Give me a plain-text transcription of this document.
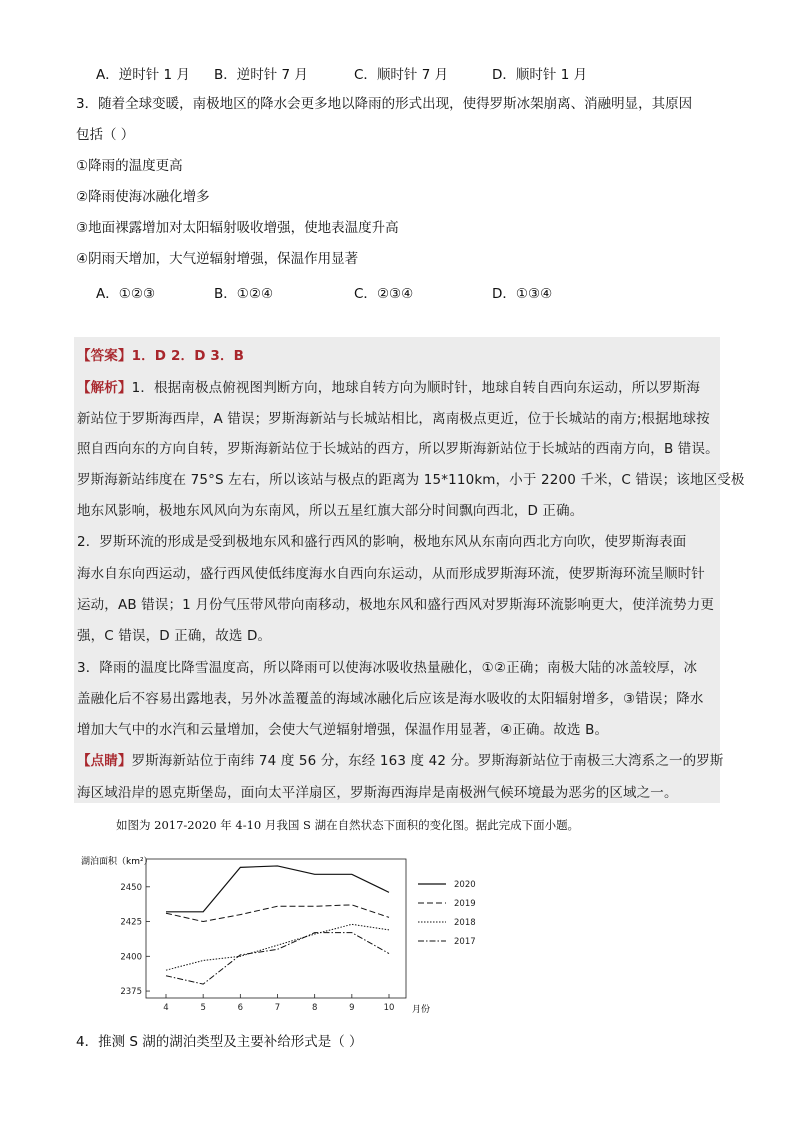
A．逆时针 1 月 B．逆时针 7 月	C．顺时针 7 月	D．顺时针 1 月
3．随着全球变暖，南极地区的降水会更多地以降雨的形式出现，使得罗斯冰架崩离、消融明显，其原因
包括（ ）
①降雨的温度更高
②降雨使海冰融化增多
③地面裸露增加对太阳辐射吸收增强，使地表温度升高
④阴雨天增加，大气逆辐射增强，保温作用显著
A．①②③	B．①②④	C．②③④	D．①③④
【答案】1．D 2．D 3．B
【解析】1．根据南极点俯视图判断方向，地球自转方向为顺时针，地球自转自西向东运动，所以罗斯海
新站位于罗斯海西岸，A 错误；罗斯海新站与长城站相比，离南极点更近，位于长城站的南方;根据地球按
照自西向东的方向自转，罗斯海新站位于长城站的西方，所以罗斯海新站位于长城站的西南方向，B 错误。
罗斯海新站纬度在 75°S 左右，所以该站与极点的距离为 15*110km，小于 2200 千米，C 错误；该地区受极
地东风影响，极地东风风向为东南风，所以五星红旗大部分时间飘向西北，D 正确。
2．罗斯环流的形成是受到极地东风和盛行西风的影响，极地东风从东南向西北方向吹，使罗斯海表面
海水自东向西运动，盛行西风使低纬度海水自西向东运动，从而形成罗斯海环流，使罗斯海环流呈顺时针
运动，AB 错误；1 月份气压带风带向南移动，极地东风和盛行西风对罗斯海环流影响更大，使洋流势力更
强，C 错误，D 正确，故选 D。
3．降雨的温度比降雪温度高，所以降雨可以使海冰吸收热量融化，①②正确；南极大陆的冰盖较厚，冰
盖融化后不容易出露地表，另外冰盖覆盖的海域冰融化后应该是海水吸收的太阳辐射增多，③错误；降水
增加大气中的水汽和云量增加，会使大气逆辐射增强，保温作用显著，④正确。故选 B。
【点睛】罗斯海新站位于南纬 74 度 56 分，东经 163 度 42 分。罗斯海新站位于南极三大湾系之一的罗斯
海区域沿岸的恩克斯堡岛，面向太平洋扇区，罗斯海西海岸是南极洲气候环境最为恶劣的区域之一。
如图为 2017-2020 年 4-10 月我国 S 湖在自然状态下面积的变化图。据此完成下面小题。
湖泊面积（km²）
2375
2400
2425
2450
4	5	6	7	8	9	10
2020
2019
2018
2017
月份
4．推测 S 湖的湖泊类型及主要补给形式是（ ）
